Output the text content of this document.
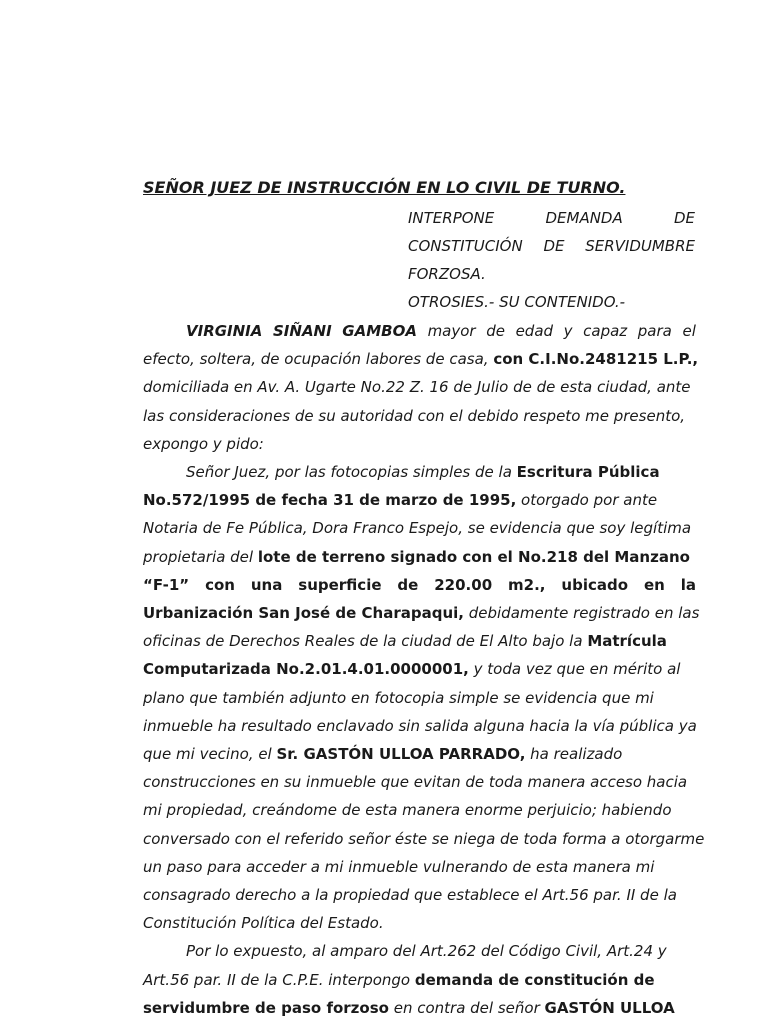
SEÑOR JUEZ DE INSTRUCCIÓN EN LO CIVIL DE TURNO.
INTERPONE	DEMANDA	DE
CONSTITUCIÓN DE SERVIDUMBRE
FORZOSA.
OTROSIES.- SU CONTENIDO.-
VIRGINIA SIÑANI GAMBOA mayor de edad y capaz para el
efecto, soltera, de ocupación labores de casa, con C.I.No.2481215 L.P.,
domiciliada en Av. A. Ugarte No.22 Z. 16 de Julio de de esta ciudad, ante
las consideraciones de su autoridad con el debido respeto me presento,
expongo y pido:
Señor Juez, por las fotocopias simples de la Escritura Pública
No.572/1995 de fecha 31 de marzo de 1995, otorgado por ante
Notaria de Fe Pública, Dora Franco Espejo, se evidencia que soy legítima
propietaria del lote de terreno signado con el No.218 del Manzano
“F-1” con una superficie de 220.00 m2., ubicado en la
Urbanización San José de Charapaqui, debidamente registrado en las
oficinas de Derechos Reales de la ciudad de El Alto bajo la Matrícula
Computarizada No.2.01.4.01.0000001, y toda vez que en mérito al
plano que también adjunto en fotocopia simple se evidencia que mi
inmueble ha resultado enclavado sin salida alguna hacia la vía pública ya
que mi vecino, el Sr. GASTÓN ULLOA PARRADO, ha realizado
construcciones en su inmueble que evitan de toda manera acceso hacia
mi propiedad, creándome de esta manera enorme perjuicio; habiendo
conversado con el referido señor éste se niega de toda forma a otorgarme
un paso para acceder a mi inmueble vulnerando de esta manera mi
consagrado derecho a la propiedad que establece el Art.56 par. II de la
Constitución Política del Estado.
Por lo expuesto, al amparo del Art.262 del Código Civil, Art.24 y
Art.56 par. II de la C.P.E. interpongo demanda de constitución de
servidumbre de paso forzoso en contra del señor GASTÓN ULLOA
